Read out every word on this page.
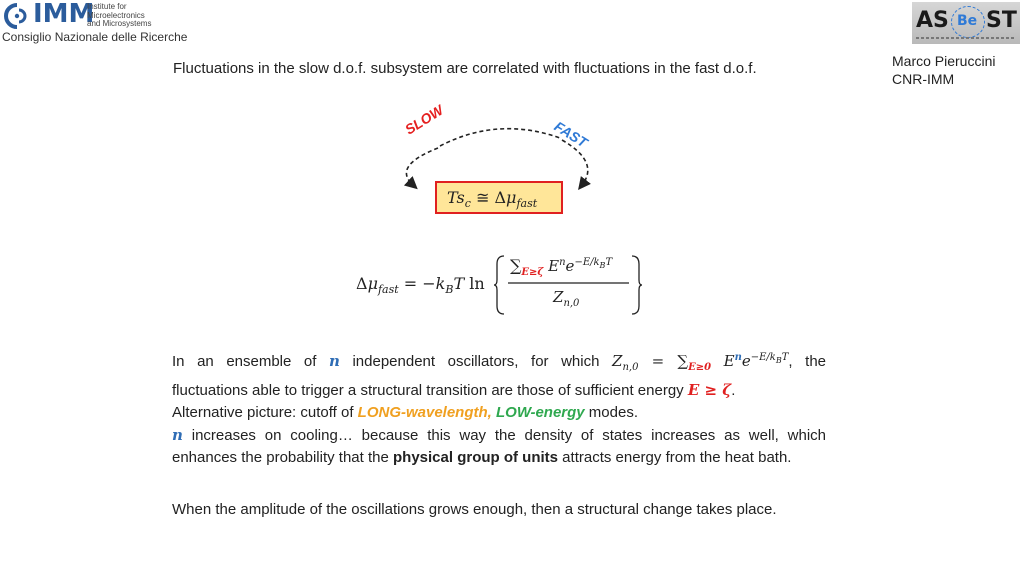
IMM
Institute for
Microelectronics
and Microsystems
Consiglio Nazionale delle Ricerche
AS Be ST
Marco Pieruccini
CNR-IMM
Fluctuations in the slow d.o.f. subsystem are correlated with fluctuations in the fast d.o.f.
SLOW	FAST
$Ts_c$ ≅ $\Delta\mu_{fast}$
$\Delta\mu_{fast} = -k_BT$ ln
$\sum_{E\ge\zeta}$ $E^ne^{-E/k_BT}$
$Z_{n,0}$
In an ensemble of n independent oscillators, for which $Z_{n,0} = \sum_{E\ge 0}$ $E^ne^{-E/k_BT}$, the
fluctuations able to trigger a structural transition are those of sufficient energy E ≥ ζ.
Alternative picture: cutoff of LONG-wavelength, LOW-energy modes.
n increases on cooling… because this way the density of states increases as well, which enhances the probability that the physical group of units attracts energy from the heat bath.
When the amplitude of the oscillations grows enough, then a structural change takes place.
